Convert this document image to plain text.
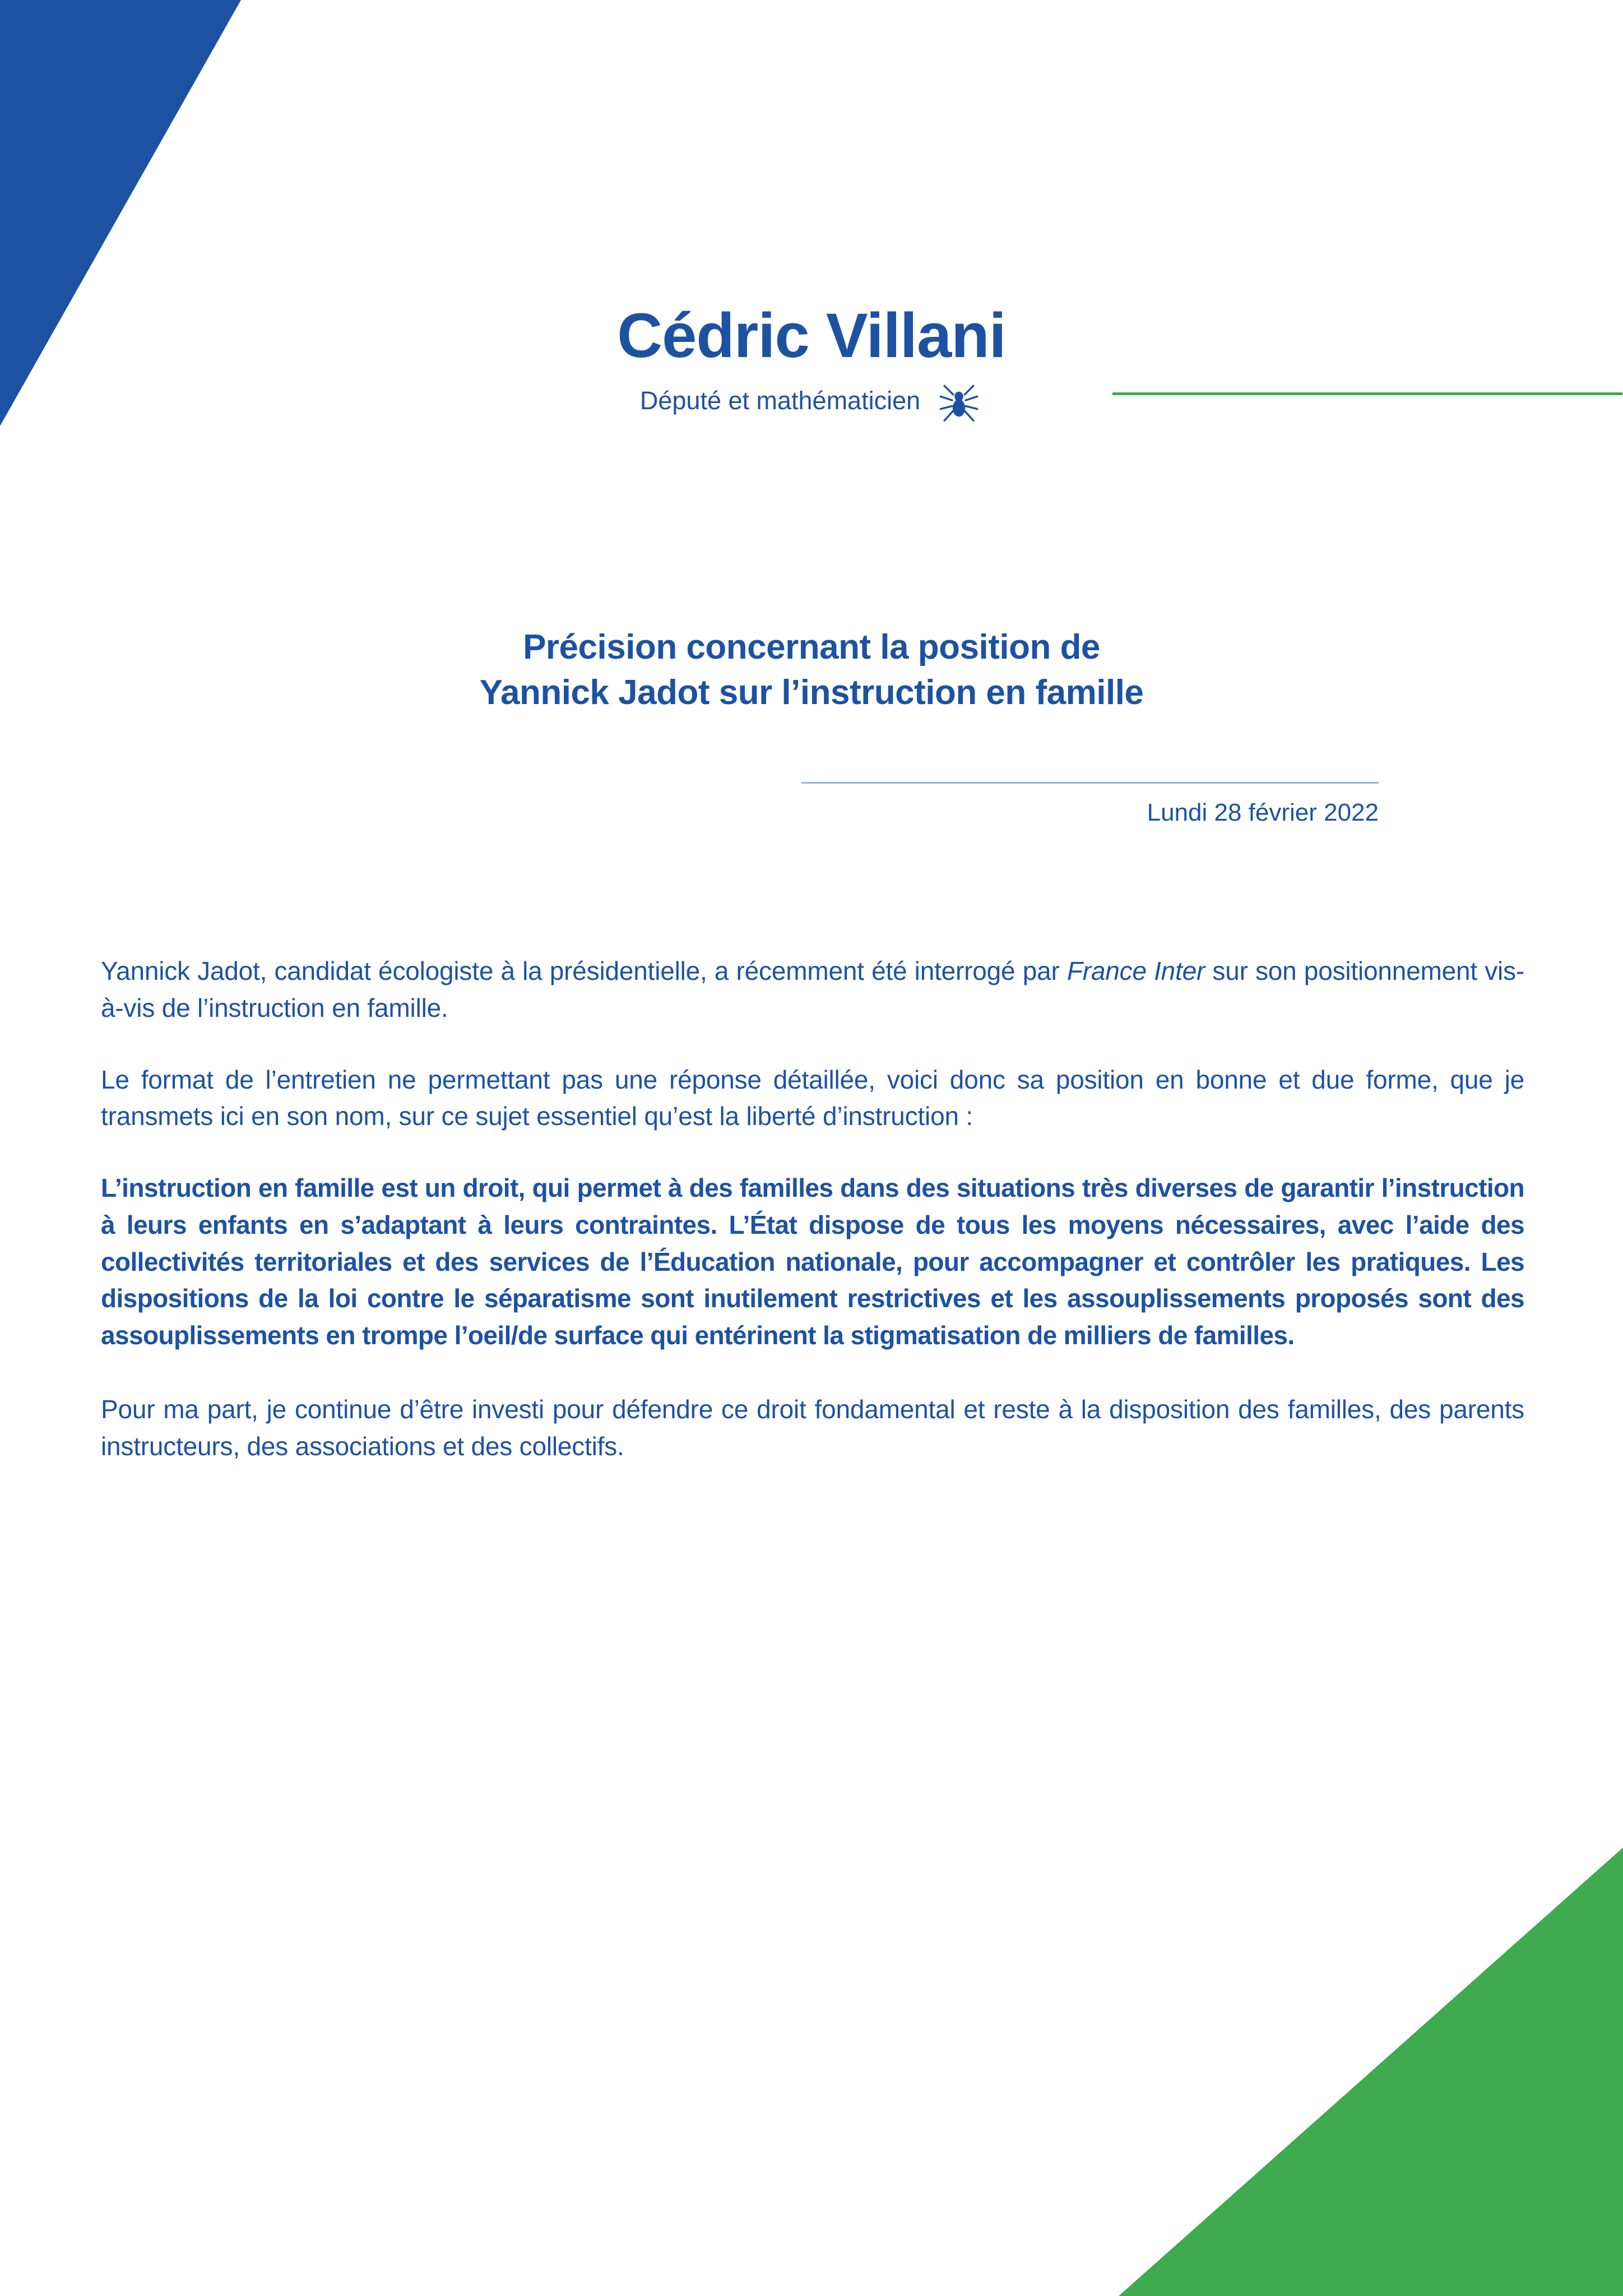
Cédric Villani
Député et mathématicien
Précision concernant la position de
Yannick Jadot sur l’instruction en famille
Lundi 28 février 2022

Yannick Jadot, candidat écologiste à la présidentielle, a récemment été interrogé par France Inter sur son positionnement vis-à-vis de l’instruction en famille.

Le format de l’entretien ne permettant pas une réponse détaillée, voici donc sa position en bonne et due forme, que je transmets ici en son nom, sur ce sujet essentiel qu’est la liberté d’instruction :

L’instruction en famille est un droit, qui permet à des familles dans des situations très diverses de garantir l’instruction à leurs enfants en s’adaptant à leurs contraintes. L’État dispose de tous les moyens nécessaires, avec l’aide des collectivités territoriales et des services de l’Éducation nationale, pour accompagner et contrôler les pratiques. Les dispositions de la loi contre le séparatisme sont inutilement restrictives et les assouplissements proposés sont des assouplissements en trompe l’oeil/de surface qui entérinent la stigmatisation de milliers de familles.

Pour ma part, je continue d’être investi pour défendre ce droit fondamental et reste à la disposition des familles, des parents instructeurs, des associations et des collectifs.
